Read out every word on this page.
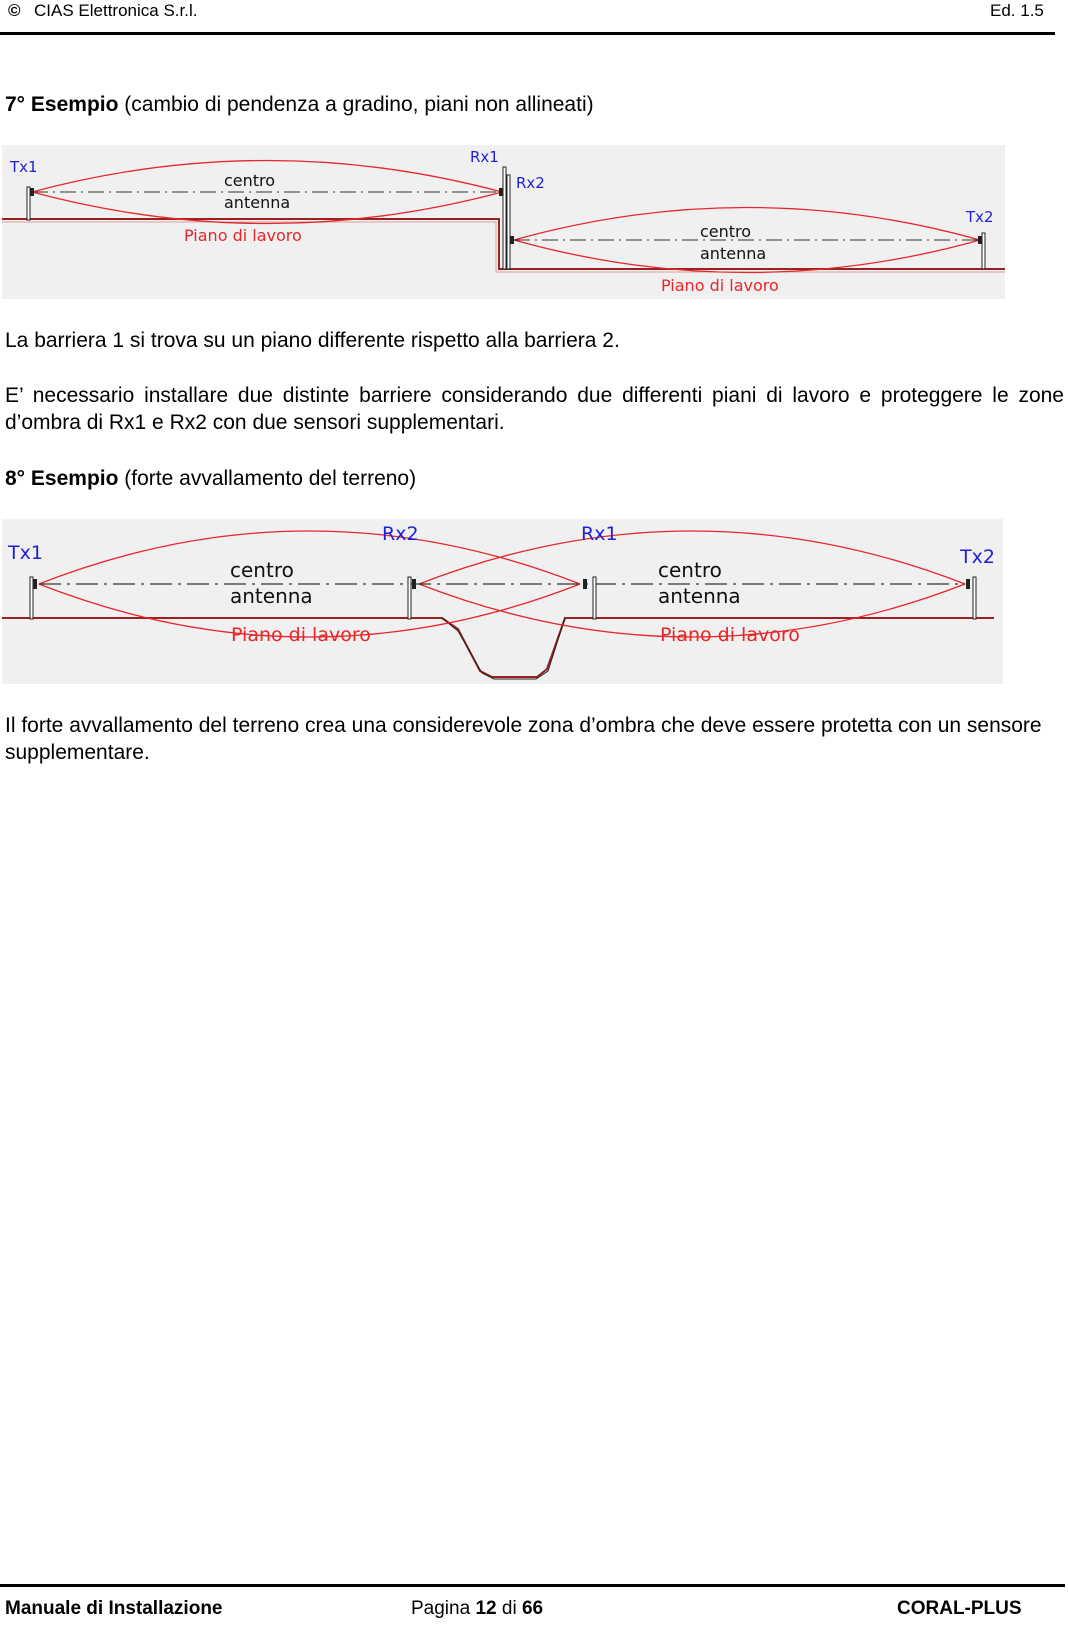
© CIAS Elettronica S.r.l.	Ed. 1.5
7° Esempio (cambio di pendenza a gradino, piani non allineati)
Tx1
Rx1
Rx2
Tx2
centro
antenna
centro
antenna
Piano di lavoro
Piano di lavoro
La barriera 1 si trova su un piano differente rispetto alla barriera 2.
E’ necessario installare due distinte barriere considerando due differenti piani di lavoro e proteggere le zone d’ombra di Rx1 e Rx2 con due sensori supplementari.
8° Esempio (forte avvallamento del terreno)
Tx1
Rx2	Rx1
Tx2
centro
antenna
centro
antenna
Piano di lavoro	Piano di lavoro
Il forte avvallamento del terreno crea una considerevole zona d’ombra che deve essere protetta con un sensore supplementare.
Manuale di Installazione	Pagina 12 di 66	CORAL-PLUS
